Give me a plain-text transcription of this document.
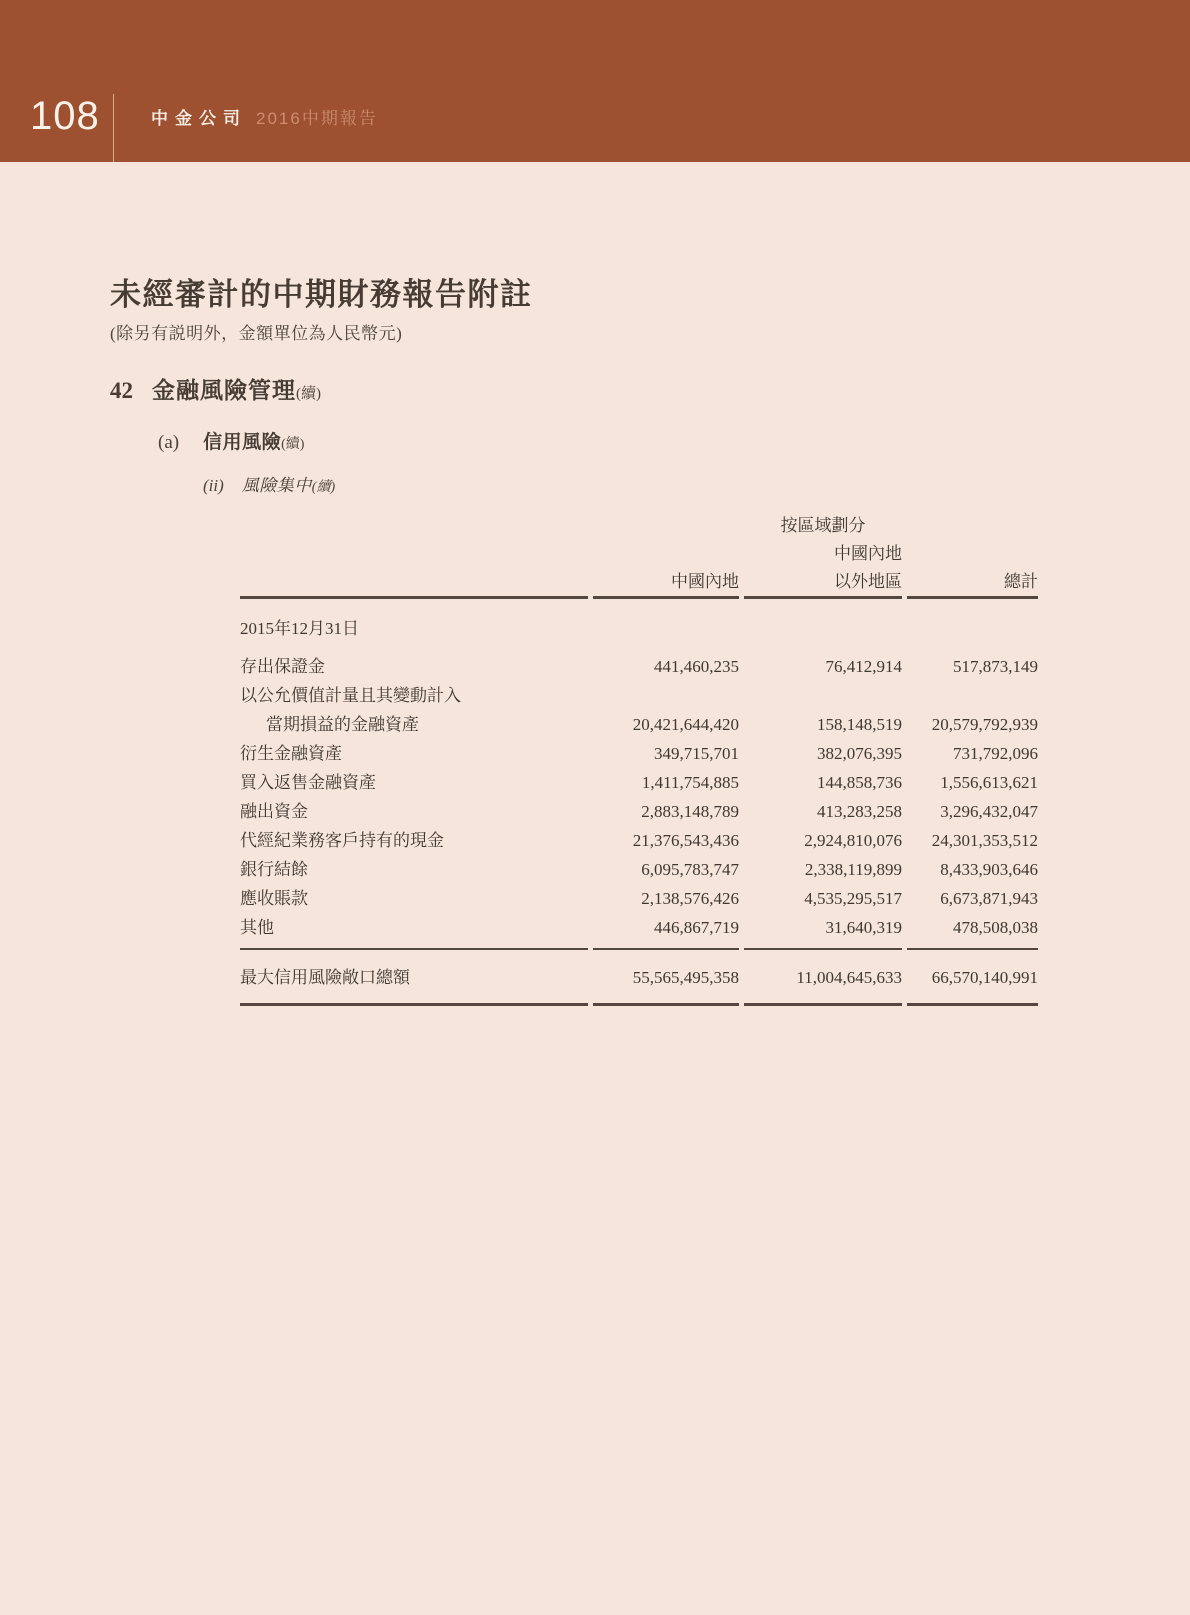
108	中金公司 2016中期報告
未經審計的中期財務報告附註

(除另有説明外，金額單位為人民幣元)

42 金融風險管理 (續)
(a) 信用風險 (續)
(ii) 風險集中 (續)
		按區域劃分	
		中國內地	
	中國內地	以外地區	總計
2015年12月31日			
存出保證金	441,460,235	76,412,914	517,873,149
以公允價值計量且其變動計入			
當期損益的金融資產	20,421,644,420	158,148,519	20,579,792,939
衍生金融資產	349,715,701	382,076,395	731,792,096
買入返售金融資產	1,411,754,885	144,858,736	1,556,613,621
融出資金	2,883,148,789	413,283,258	3,296,432,047
代經紀業務客戶持有的現金	21,376,543,436	2,924,810,076	24,301,353,512
銀行結餘	6,095,783,747	2,338,119,899	8,433,903,646
應收賬款	2,138,576,426	4,535,295,517	6,673,871,943
其他	446,867,719	31,640,319	478,508,038
最大信用風險敞口總額	55,565,495,358	11,004,645,633	66,570,140,991
